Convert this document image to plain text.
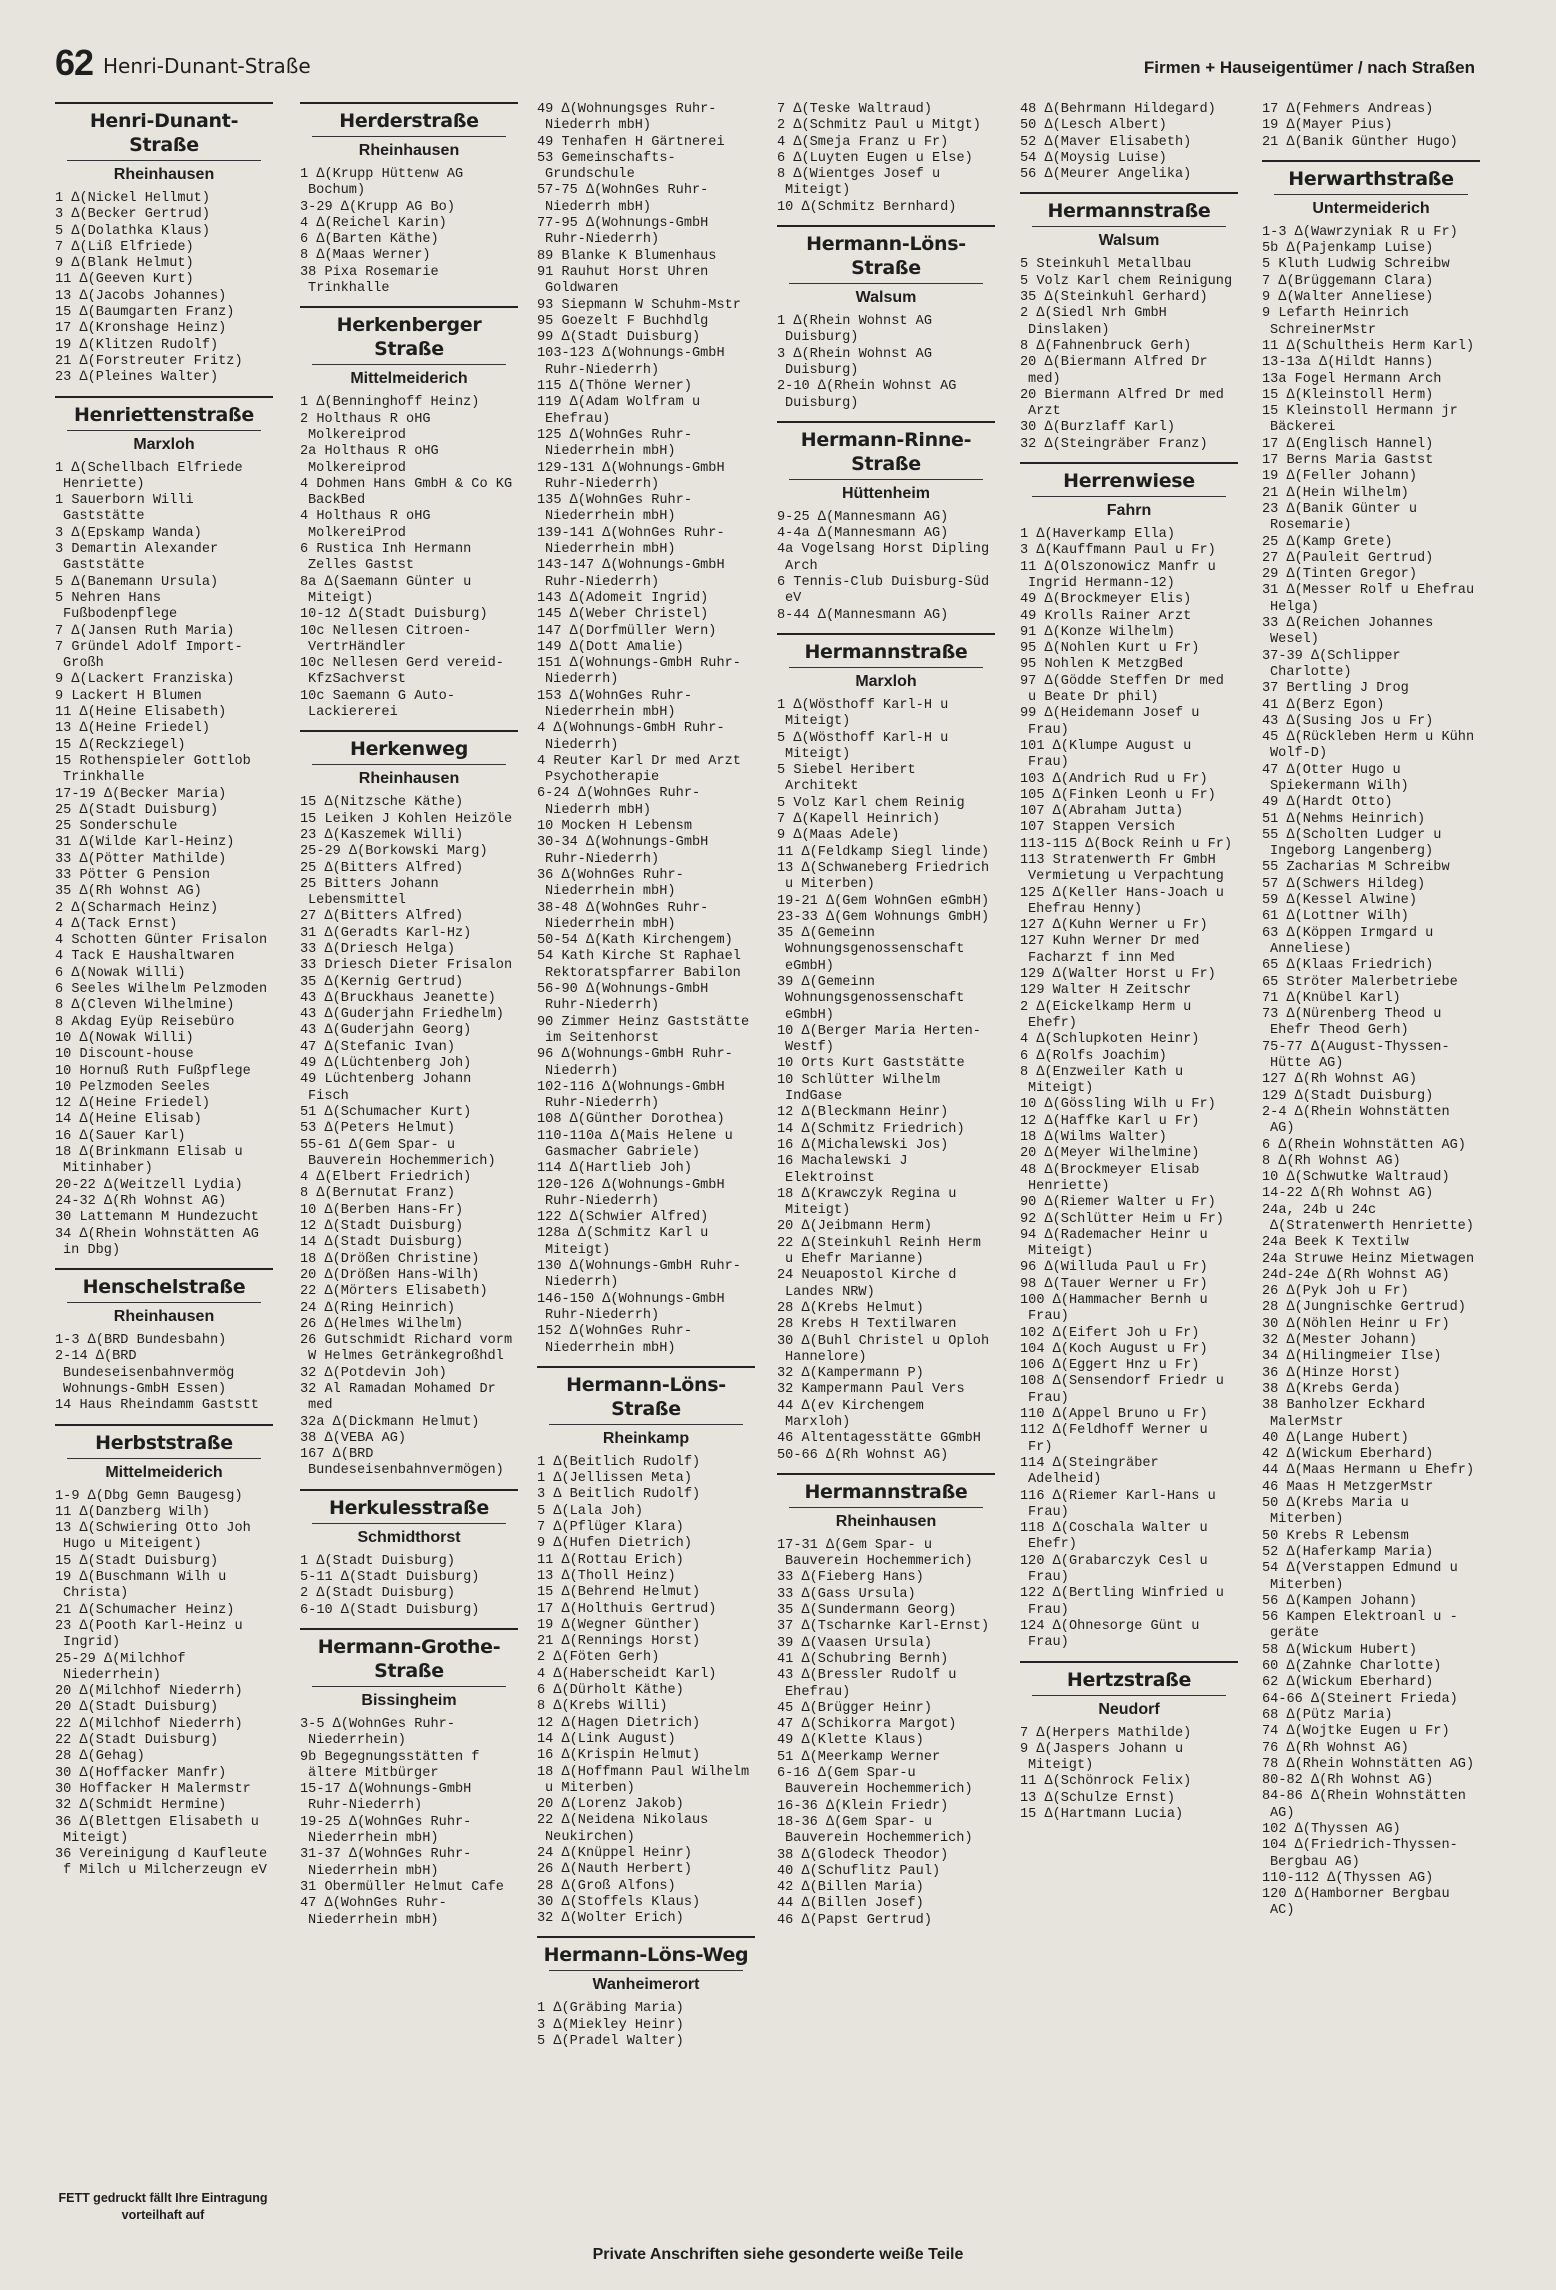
62 Henri-Dunant-Straße	Firmen + Hauseigentümer / nach Straßen
Henri-Dunant-Straße
Rheinhausen
1 ∆(Nickel Hellmut)
3 ∆(Becker Gertrud)
5 ∆(Dolathka Klaus)
7 ∆(Liß Elfriede)
9 ∆(Blank Helmut)
11 ∆(Geeven Kurt)
13 ∆(Jacobs Johannes)
15 ∆(Baumgarten Franz)
17 ∆(Kronshage Heinz)
19 ∆(Klitzen Rudolf)
21 ∆(Forstreuter Fritz)
23 ∆(Pleines Walter)
Henriettenstraße
Marxloh
1 ∆(Schellbach Elfriede Henriette)
1 Sauerborn Willi Gaststätte
3 ∆(Epskamp Wanda)
3 Demartin Alexander Gaststätte
5 ∆(Banemann Ursula)
5 Nehren Hans Fußbodenpflege
7 ∆(Jansen Ruth Maria)
7 Gründel Adolf Import-Großh
9 ∆(Lackert Franziska)
9 Lackert H Blumen
11 ∆(Heine Elisabeth)
13 ∆(Heine Friedel)
15 ∆(Reckziegel)
15 Rothenspieler Gottlob Trinkhalle
17-19 ∆(Becker Maria)
25 ∆(Stadt Duisburg)
25 Sonderschule
31 ∆(Wilde Karl-Heinz)
33 ∆(Pötter Mathilde)
33 Pötter G Pension
35 ∆(Rh Wohnst AG)
2 ∆(Scharmach Heinz)
4 ∆(Tack Ernst)
4 Schotten Günter Frisalon
4 Tack E Haushaltwaren
6 ∆(Nowak Willi)
6 Seeles Wilhelm Pelzmoden
8 ∆(Cleven Wilhelmine)
8 Akdag Eyüp Reisebüro
10 ∆(Nowak Willi)
10 Discount-house
10 Hornuß Ruth Fußpflege
10 Pelzmoden Seeles
12 ∆(Heine Friedel)
14 ∆(Heine Elisab)
16 ∆(Sauer Karl)
18 ∆(Brinkmann Elisab u Mitinhaber)
20-22 ∆(Weitzell Lydia)
24-32 ∆(Rh Wohnst AG)
30 Lattemann M Hundezucht
34 ∆(Rhein Wohnstätten AG in Dbg)
Henschelstraße
Rheinhausen
1-3 ∆(BRD Bundesbahn)
2-14 ∆(BRD Bundeseisenbahnvermög Wohnungs-GmbH Essen)
14 Haus Rheindamm Gaststt
Herbststraße
Mittelmeiderich
1-9 ∆(Dbg Gemn Baugesg)
11 ∆(Danzberg Wilh)
13 ∆(Schwiering Otto Joh Hugo u Miteigent)
15 ∆(Stadt Duisburg)
19 ∆(Buschmann Wilh u Christa)
21 ∆(Schumacher Heinz)
23 ∆(Pooth Karl-Heinz u Ingrid)
25-29 ∆(Milchhof Niederrhein)
20 ∆(Milchhof Niederrh)
20 ∆(Stadt Duisburg)
22 ∆(Milchhof Niederrh)
22 ∆(Stadt Duisburg)
28 ∆(Gehag)
30 ∆(Hoffacker Manfr)
30 Hoffacker H Malermstr
32 ∆(Schmidt Hermine)
36 ∆(Blettgen Elisabeth u Miteigt)
36 Vereinigung d Kaufleute f Milch u Milcherzeugn eV
Herderstraße
Rheinhausen
1 ∆(Krupp Hüttenw AG Bochum)
3-29 ∆(Krupp AG Bo)
4 ∆(Reichel Karin)
6 ∆(Barten Käthe)
8 ∆(Maas Werner)
38 Pixa Rosemarie Trinkhalle
Herkenberger Straße
Mittelmeiderich
1 ∆(Benninghoff Heinz)
2 Holthaus R oHG Molkereiprod
2a Holthaus R oHG Molkereiprod
4 Dohmen Hans GmbH & Co KG BackBed
4 Holthaus R oHG MolkereiProd
6 Rustica Inh Hermann Zelles Gastst
8a ∆(Saemann Günter u Miteigt)
10-12 ∆(Stadt Duisburg)
10c Nellesen Citroen-VertrHändler
10c Nellesen Gerd vereid-KfzSachverst
10c Saemann G Auto-Lackiererei
Herkenweg
Rheinhausen
15 ∆(Nitzsche Käthe)
15 Leiken J Kohlen Heizöle
23 ∆(Kaszemek Willi)
25-29 ∆(Borkowski Marg)
25 ∆(Bitters Alfred)
25 Bitters Johann Lebensmittel
27 ∆(Bitters Alfred)
31 ∆(Geradts Karl-Hz)
33 ∆(Driesch Helga)
33 Driesch Dieter Frisalon
35 ∆(Kernig Gertrud)
43 ∆(Bruckhaus Jeanette)
43 ∆(Guderjahn Friedhelm)
43 ∆(Guderjahn Georg)
47 ∆(Stefanic Ivan)
49 ∆(Lüchtenberg Joh)
49 Lüchtenberg Johann Fisch
51 ∆(Schumacher Kurt)
53 ∆(Peters Helmut)
55-61 ∆(Gem Spar- u Bauverein Hochemmerich)
4 ∆(Elbert Friedrich)
8 ∆(Bernutat Franz)
10 ∆(Berben Hans-Fr)
12 ∆(Stadt Duisburg)
14 ∆(Stadt Duisburg)
18 ∆(Drößen Christine)
20 ∆(Drößen Hans-Wilh)
22 ∆(Mörters Elisabeth)
24 ∆(Ring Heinrich)
26 ∆(Helmes Wilhelm)
26 Gutschmidt Richard vorm W Helmes Getränkegroßhdl
32 ∆(Potdevin Joh)
32 Al Ramadan Mohamed Dr med
32a ∆(Dickmann Helmut)
38 ∆(VEBA AG)
167 ∆(BRD Bundeseisenbahnvermögen)
Herkulesstraße
Schmidthorst
1 ∆(Stadt Duisburg)
5-11 ∆(Stadt Duisburg)
2 ∆(Stadt Duisburg)
6-10 ∆(Stadt Duisburg)
Hermann-Grothe-Straße
Bissingheim
3-5 ∆(WohnGes Ruhr-Niederrhein)
9b Begegnungsstätten f ältere Mitbürger
15-17 ∆(Wohnungs-GmbH Ruhr-Niederrh)
19-25 ∆(WohnGes Ruhr-Niederrhein mbH)
31-37 ∆(WohnGes Ruhr-Niederrhein mbH)
31 Obermüller Helmut Cafe
47 ∆(WohnGes Ruhr-Niederrhein mbH)
49 ∆(Wohnungsges Ruhr-Niederrh mbH)
49 Tenhafen H Gärtnerei
53 Gemeinschafts-Grundschule
57-75 ∆(WohnGes Ruhr-Niederrh mbH)
77-95 ∆(Wohnungs-GmbH Ruhr-Niederrh)
89 Blanke K Blumenhaus
91 Rauhut Horst Uhren Goldwaren
93 Siepmann W Schuhm-Mstr
95 Goezelt F Buchhdlg
99 ∆(Stadt Duisburg)
103-123 ∆(Wohnungs-GmbH Ruhr-Niederrh)
115 ∆(Thöne Werner)
119 ∆(Adam Wolfram u Ehefrau)
125 ∆(WohnGes Ruhr-Niederrhein mbH)
129-131 ∆(Wohnungs-GmbH Ruhr-Niederrh)
135 ∆(WohnGes Ruhr-Niederrhein mbH)
139-141 ∆(WohnGes Ruhr-Niederrhein mbH)
143-147 ∆(Wohnungs-GmbH Ruhr-Niederrh)
143 ∆(Adomeit Ingrid)
145 ∆(Weber Christel)
147 ∆(Dorfmüller Wern)
149 ∆(Dott Amalie)
151 ∆(Wohnungs-GmbH Ruhr-Niederrh)
153 ∆(WohnGes Ruhr-Niederrhein mbH)
4 ∆(Wohnungs-GmbH Ruhr-Niederrh)
4 Reuter Karl Dr med Arzt Psychotherapie
6-24 ∆(WohnGes Ruhr-Niederrh mbH)
10 Mocken H Lebensm
30-34 ∆(Wohnungs-GmbH Ruhr-Niederrh)
36 ∆(WohnGes Ruhr-Niederrhein mbH)
38-48 ∆(WohnGes Ruhr-Niederrhein mbH)
50-54 ∆(Kath Kirchengem)
54 Kath Kirche St Raphael Rektoratspfarrer Babilon
56-90 ∆(Wohnungs-GmbH Ruhr-Niederrh)
90 Zimmer Heinz Gaststätte im Seitenhorst
96 ∆(Wohnungs-GmbH Ruhr-Niederrh)
102-116 ∆(Wohnungs-GmbH Ruhr-Niederrh)
108 ∆(Günther Dorothea)
110-110a ∆(Mais Helene u Gasmacher Gabriele)
114 ∆(Hartlieb Joh)
120-126 ∆(Wohnungs-GmbH Ruhr-Niederrh)
122 ∆(Schwier Alfred)
128a ∆(Schmitz Karl u Miteigt)
130 ∆(Wohnungs-GmbH Ruhr-Niederrh)
146-150 ∆(Wohnungs-GmbH Ruhr-Niederrh)
152 ∆(WohnGes Ruhr-Niederrhein mbH)
Hermann-Löns-Straße
Rheinkamp
1 ∆(Beitlich Rudolf)
1 ∆(Jellissen Meta)
3 ∆ Beitlich Rudolf)
5 ∆(Lala Joh)
7 ∆(Pflüger Klara)
9 ∆(Hufen Dietrich)
11 ∆(Rottau Erich)
13 ∆(Tholl Heinz)
15 ∆(Behrend Helmut)
17 ∆(Holthuis Gertrud)
19 ∆(Wegner Günther)
21 ∆(Rennings Horst)
2 ∆(Föten Gerh)
4 ∆(Haberscheidt Karl)
6 ∆(Dürholt Käthe)
8 ∆(Krebs Willi)
12 ∆(Hagen Dietrich)
14 ∆(Link August)
16 ∆(Krispin Helmut)
18 ∆(Hoffmann Paul Wilhelm u Miterben)
20 ∆(Lorenz Jakob)
22 ∆(Neidena Nikolaus Neukirchen)
24 ∆(Knüppel Heinr)
26 ∆(Nauth Herbert)
28 ∆(Groß Alfons)
30 ∆(Stoffels Klaus)
32 ∆(Wolter Erich)
Hermann-Löns-Weg
Wanheimerort
1 ∆(Gräbing Maria)
3 ∆(Miekley Heinr)
5 ∆(Pradel Walter)
7 ∆(Teske Waltraud)
2 ∆(Schmitz Paul u Mitgt)
4 ∆(Smeja Franz u Fr)
6 ∆(Luyten Eugen u Else)
8 ∆(Wientges Josef u Miteigt)
10 ∆(Schmitz Bernhard)
Hermann-Löns-Straße
Walsum
1 ∆(Rhein Wohnst AG Duisburg)
3 ∆(Rhein Wohnst AG Duisburg)
2-10 ∆(Rhein Wohnst AG Duisburg)
Hermann-Rinne-Straße
Hüttenheim
9-25 ∆(Mannesmann AG)
4-4a ∆(Mannesmann AG)
4a Vogelsang Horst Dipling Arch
6 Tennis-Club Duisburg-Süd eV
8-44 ∆(Mannesmann AG)
Hermannstraße
Marxloh
1 ∆(Wösthoff Karl-H u Miteigt)
5 ∆(Wösthoff Karl-H u Miteigt)
5 Siebel Heribert Architekt
5 Volz Karl chem Reinig
7 ∆(Kapell Heinrich)
9 ∆(Maas Adele)
11 ∆(Feldkamp Siegl linde)
13 ∆(Schwaneberg Friedrich u Miterben)
19-21 ∆(Gem WohnGen eGmbH)
23-33 ∆(Gem Wohnungs GmbH)
35 ∆(Gemeinn Wohnungsgenossenschaft eGmbH)
39 ∆(Gemeinn Wohnungsgenossenschaft eGmbH)
10 ∆(Berger Maria Herten-Westf)
10 Orts Kurt Gaststätte
10 Schlütter Wilhelm IndGase
12 ∆(Bleckmann Heinr)
14 ∆(Schmitz Friedrich)
16 ∆(Michalewski Jos)
16 Machalewski J Elektroinst
18 ∆(Krawczyk Regina u Miteigt)
20 ∆(Jeibmann Herm)
22 ∆(Steinkuhl Reinh Herm u Ehefr Marianne)
24 Neuapostol Kirche d Landes NRW)
28 ∆(Krebs Helmut)
28 Krebs H Textilwaren
30 ∆(Buhl Christel u Oploh Hannelore)
32 ∆(Kampermann P)
32 Kampermann Paul Vers
44 ∆(ev Kirchengem Marxloh)
46 Altentagesstätte GGmbH
50-66 ∆(Rh Wohnst AG)
Hermannstraße
Rheinhausen
17-31 ∆(Gem Spar- u Bauverein Hochemmerich)
33 ∆(Fieberg Hans)
33 ∆(Gass Ursula)
35 ∆(Sundermann Georg)
37 ∆(Tscharnke Karl-Ernst)
39 ∆(Vaasen Ursula)
41 ∆(Schubring Bernh)
43 ∆(Bressler Rudolf u Ehefrau)
45 ∆(Brügger Heinr)
47 ∆(Schikorra Margot)
49 ∆(Klette Klaus)
51 ∆(Meerkamp Werner
6-16 ∆(Gem Spar-u Bauverein Hochemmerich)
16-36 ∆(Klein Friedr)
18-36 ∆(Gem Spar- u Bauverein Hochemmerich)
38 ∆(Glodeck Theodor)
40 ∆(Schuflitz Paul)
42 ∆(Billen Maria)
44 ∆(Billen Josef)
46 ∆(Papst Gertrud)
48 ∆(Behrmann Hildegard)
50 ∆(Lesch Albert)
52 ∆(Maver Elisabeth)
54 ∆(Moysig Luise)
56 ∆(Meurer Angelika)
Hermannstraße
Walsum
5 Steinkuhl Metallbau
5 Volz Karl chem Reinigung
35 ∆(Steinkuhl Gerhard)
2 ∆(Siedl Nrh GmbH Dinslaken)
8 ∆(Fahnenbruck Gerh)
20 ∆(Biermann Alfred Dr med)
20 Biermann Alfred Dr med Arzt
30 ∆(Burzlaff Karl)
32 ∆(Steingräber Franz)
Herrenwiese
Fahrn
1 ∆(Haverkamp Ella)
3 ∆(Kauffmann Paul u Fr)
11 ∆(Olszonowicz Manfr u Ingrid Hermann-12)
49 ∆(Brockmeyer Elis)
49 Krolls Rainer Arzt
91 ∆(Konze Wilhelm)
95 ∆(Nohlen Kurt u Fr)
95 Nohlen K MetzgBed
97 ∆(Gödde Steffen Dr med u Beate Dr phil)
99 ∆(Heidemann Josef u Frau)
101 ∆(Klumpe August u Frau)
103 ∆(Andrich Rud u Fr)
105 ∆(Finken Leonh u Fr)
107 ∆(Abraham Jutta)
107 Stappen Versich
113-115 ∆(Bock Reinh u Fr)
113 Stratenwerth Fr GmbH Vermietung u Verpachtung
125 ∆(Keller Hans-Joach u Ehefrau Henny)
127 ∆(Kuhn Werner u Fr)
127 Kuhn Werner Dr med Facharzt f inn Med
129 ∆(Walter Horst u Fr)
129 Walter H Zeitschr
2 ∆(Eickelkamp Herm u Ehefr)
4 ∆(Schlupkoten Heinr)
6 ∆(Rolfs Joachim)
8 ∆(Enzweiler Kath u Miteigt)
10 ∆(Gössling Wilh u Fr)
12 ∆(Haffke Karl u Fr)
18 ∆(Wilms Walter)
20 ∆(Meyer Wilhelmine)
48 ∆(Brockmeyer Elisab Henriette)
90 ∆(Riemer Walter u Fr)
92 ∆(Schlütter Heim u Fr)
94 ∆(Rademacher Heinr u Miteigt)
96 ∆(Willuda Paul u Fr)
98 ∆(Tauer Werner u Fr)
100 ∆(Hammacher Bernh u Frau)
102 ∆(Eifert Joh u Fr)
104 ∆(Koch August u Fr)
106 ∆(Eggert Hnz u Fr)
108 ∆(Sensendorf Friedr u Frau)
110 ∆(Appel Bruno u Fr)
112 ∆(Feldhoff Werner u Fr)
114 ∆(Steingräber Adelheid)
116 ∆(Riemer Karl-Hans u Frau)
118 ∆(Coschala Walter u Ehefr)
120 ∆(Grabarczyk Cesl u Frau)
122 ∆(Bertling Winfried u Frau)
124 ∆(Ohnesorge Günt u Frau)
Hertzstraße
Neudorf
7 ∆(Herpers Mathilde)
9 ∆(Jaspers Johann u Miteigt)
11 ∆(Schönrock Felix)
13 ∆(Schulze Ernst)
15 ∆(Hartmann Lucia)
17 ∆(Fehmers Andreas)
19 ∆(Mayer Pius)
21 ∆(Banik Günther Hugo)
Herwarthstraße
Untermeiderich
1-3 ∆(Wawrzyniak R u Fr)
5b ∆(Pajenkamp Luise)
5 Kluth Ludwig Schreibw
7 ∆(Brüggemann Clara)
9 ∆(Walter Anneliese)
9 Lefarth Heinrich SchreinerMstr
11 ∆(Schultheis Herm Karl)
13-13a ∆(Hildt Hanns)
13a Fogel Hermann Arch
15 ∆(Kleinstoll Herm)
15 Kleinstoll Hermann jr Bäckerei
17 ∆(Englisch Hannel)
17 Berns Maria Gastst
19 ∆(Feller Johann)
21 ∆(Hein Wilhelm)
23 ∆(Banik Günter u Rosemarie)
25 ∆(Kamp Grete)
27 ∆(Pauleit Gertrud)
29 ∆(Tinten Gregor)
31 ∆(Messer Rolf u Ehefrau Helga)
33 ∆(Reichen Johannes Wesel)
37-39 ∆(Schlipper Charlotte)
37 Bertling J Drog
41 ∆(Berz Egon)
43 ∆(Susing Jos u Fr)
45 ∆(Rückleben Herm u Kühn Wolf-D)
47 ∆(Otter Hugo u Spiekermann Wilh)
49 ∆(Hardt Otto)
51 ∆(Nehms Heinrich)
55 ∆(Scholten Ludger u Ingeborg Langenberg)
55 Zacharias M Schreibw
57 ∆(Schwers Hildeg)
59 ∆(Kessel Alwine)
61 ∆(Lottner Wilh)
63 ∆(Köppen Irmgard u Anneliese)
65 ∆(Klaas Friedrich)
65 Ströter Malerbetriebe
71 ∆(Knübel Karl)
73 ∆(Nürenberg Theod u Ehefr Theod Gerh)
75-77 ∆(August-Thyssen-Hütte AG)
127 ∆(Rh Wohnst AG)
129 ∆(Stadt Duisburg)
2-4 ∆(Rhein Wohnstätten AG)
6 ∆(Rhein Wohnstätten AG)
8 ∆(Rh Wohnst AG)
10 ∆(Schwutke Waltraud)
14-22 ∆(Rh Wohnst AG)
24a, 24b u 24c ∆(Stratenwerth Henriette)
24a Beek K Textilw
24a Struwe Heinz Mietwagen
24d-24e ∆(Rh Wohnst AG)
26 ∆(Pyk Joh u Fr)
28 ∆(Jungnischke Gertrud)
30 ∆(Nöhlen Heinr u Fr)
32 ∆(Mester Johann)
34 ∆(Hilingmeier Ilse)
36 ∆(Hinze Horst)
38 ∆(Krebs Gerda)
38 Banholzer Eckhard MalerMstr
40 ∆(Lange Hubert)
42 ∆(Wickum Eberhard)
44 ∆(Maas Hermann u Ehefr)
46 Maas H MetzgerMstr
50 ∆(Krebs Maria u Miterben)
50 Krebs R Lebensm
52 ∆(Haferkamp Maria)
54 ∆(Verstappen Edmund u Miterben)
56 ∆(Kampen Johann)
56 Kampen Elektroanl u -geräte
58 ∆(Wickum Hubert)
60 ∆(Zahnke Charlotte)
62 ∆(Wickum Eberhard)
64-66 ∆(Steinert Frieda)
68 ∆(Pütz Maria)
74 ∆(Wojtke Eugen u Fr)
76 ∆(Rh Wohnst AG)
78 ∆(Rhein Wohnstätten AG)
80-82 ∆(Rh Wohnst AG)
84-86 ∆(Rhein Wohnstätten AG)
102 ∆(Thyssen AG)
104 ∆(Friedrich-Thyssen-Bergbau AG)
110-112 ∆(Thyssen AG)
120 ∆(Hamborner Bergbau AC)
FETT gedruckt fällt Ihre Eintragung vorteilhaft auf
Private Anschriften siehe gesonderte weiße Teile
